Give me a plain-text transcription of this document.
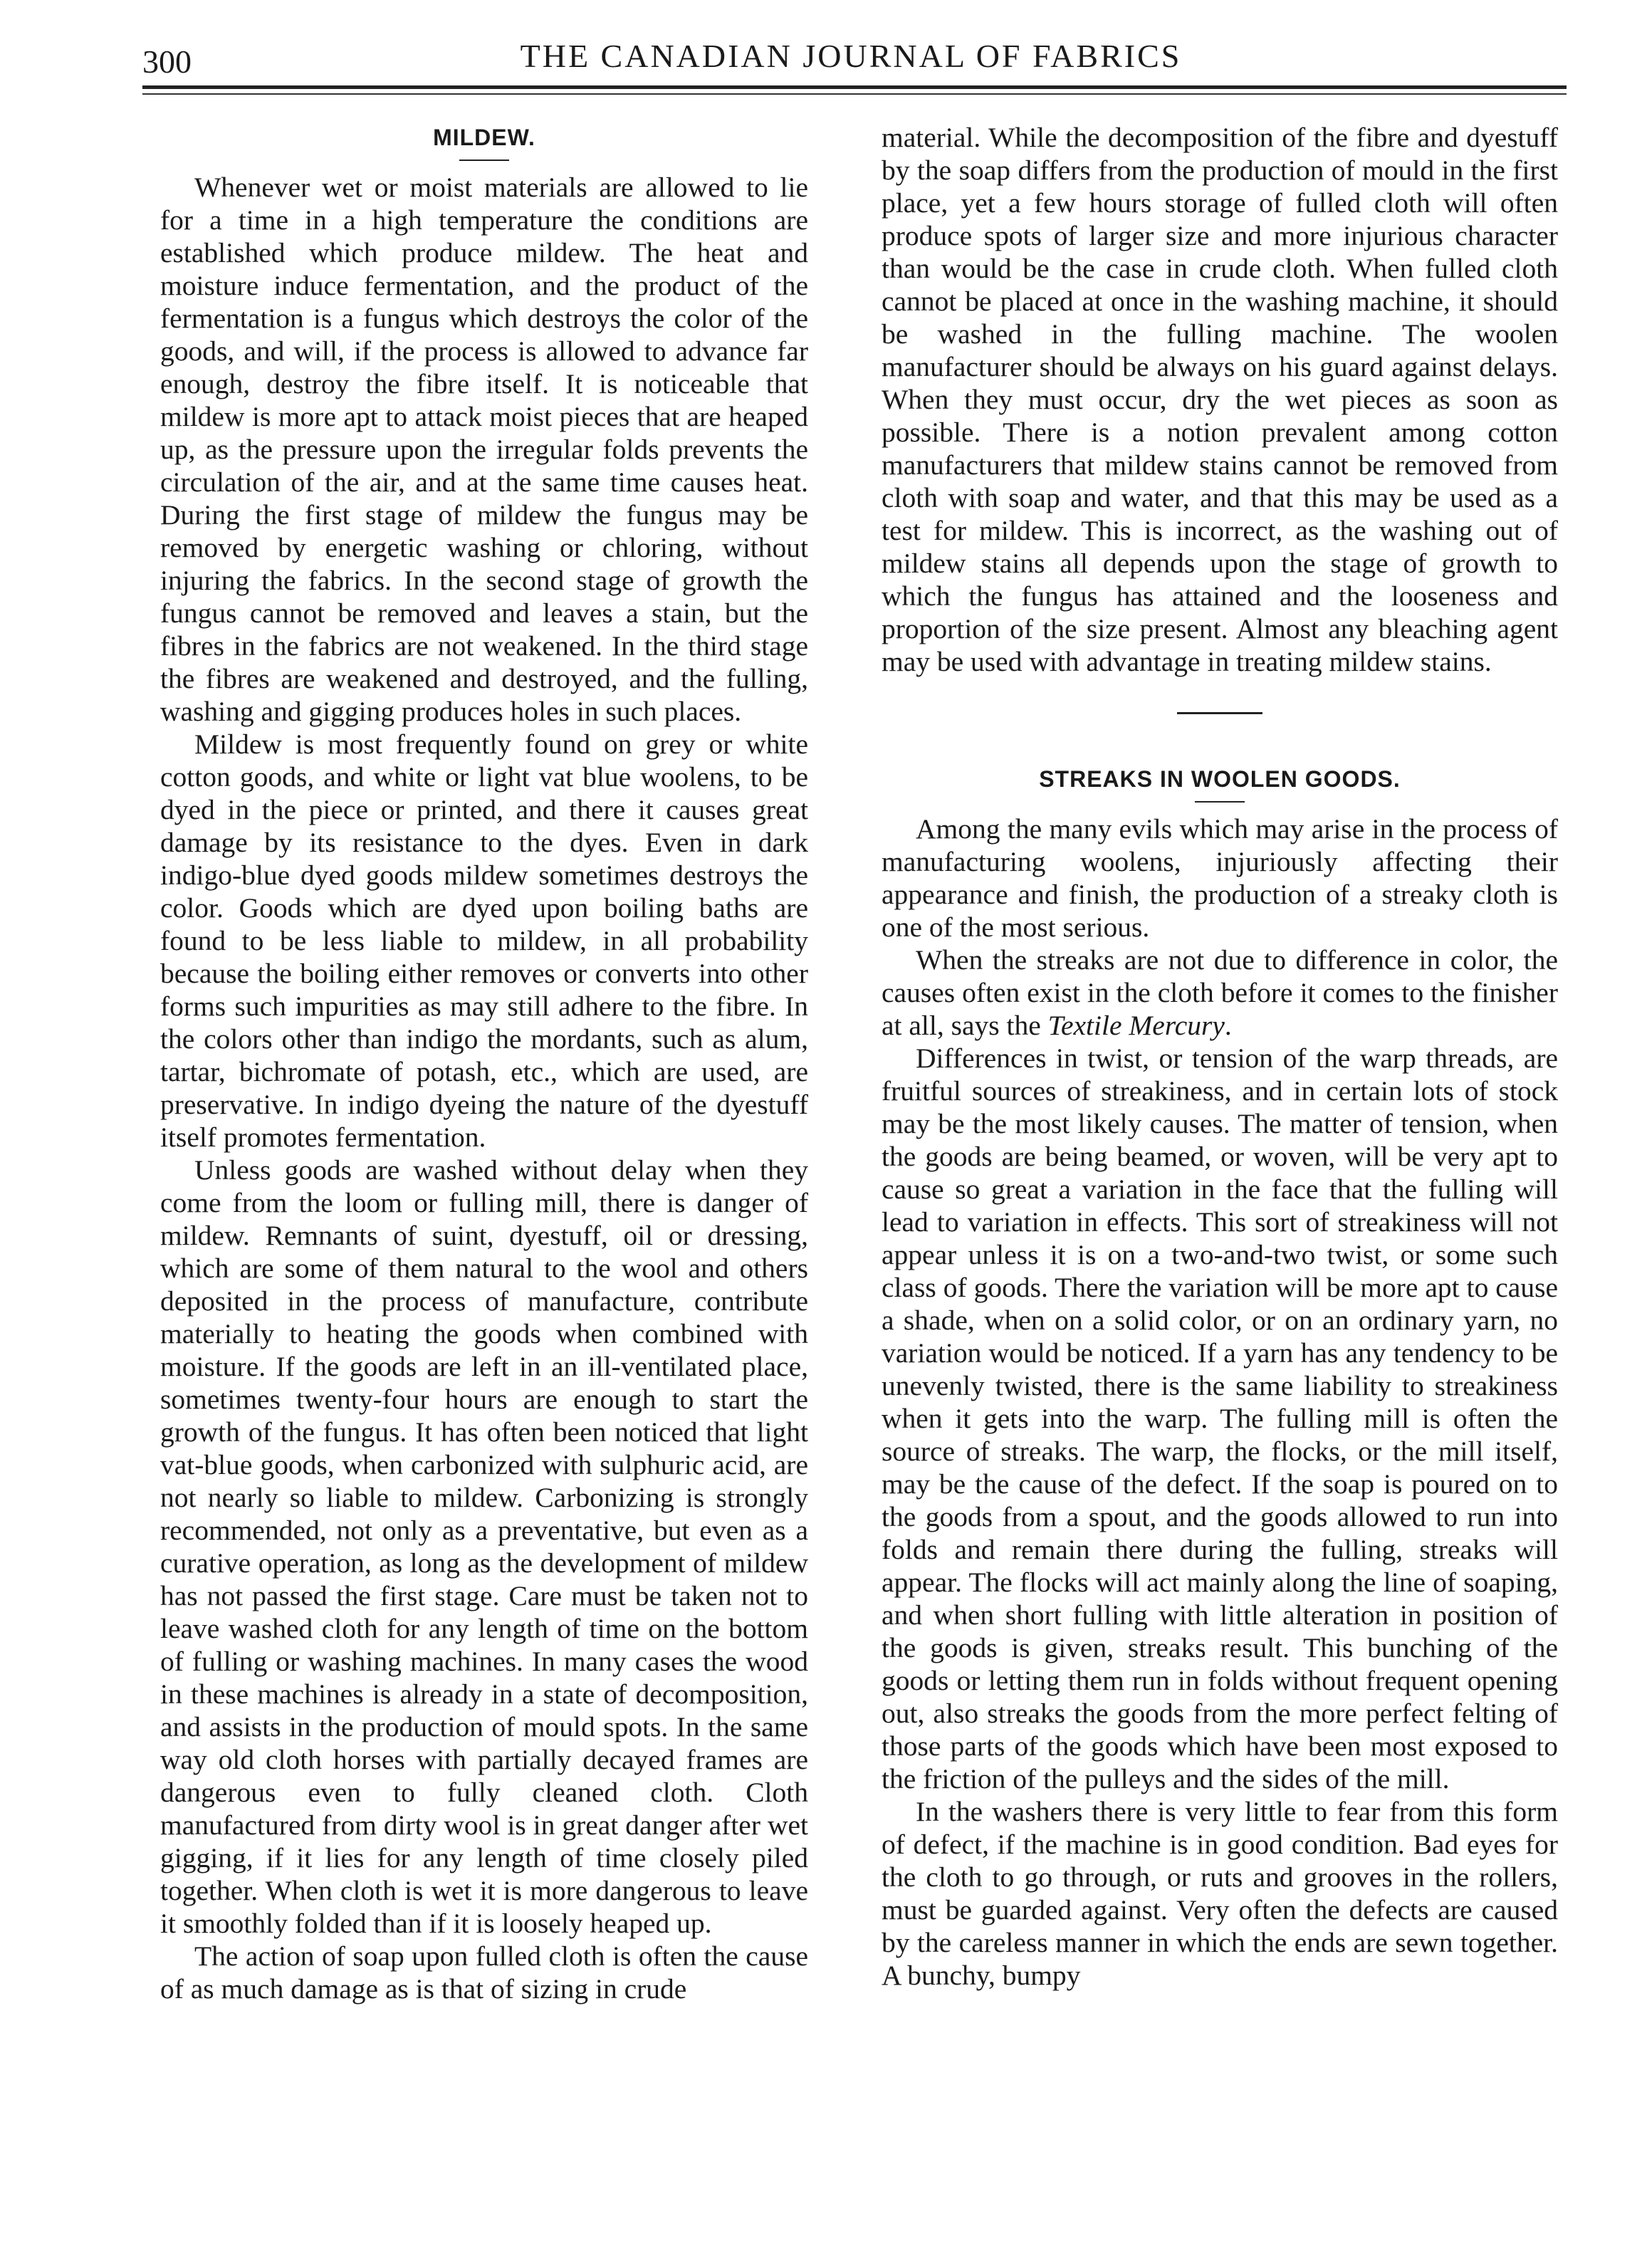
300	THE CANADIAN JOURNAL OF FABRICS
MILDEW.

Whenever wet or moist materials are allowed to lie for a time in a high temperature the conditions are established which produce mildew. The heat and moisture induce fermentation, and the product of the fermentation is a fungus which destroys the color of the goods, and will, if the process is allowed to advance far enough, destroy the fibre itself. It is noticeable that mildew is more apt to attack moist pieces that are heaped up, as the pressure upon the irregular folds prevents the circulation of the air, and at the same time causes heat. During the first stage of mildew the fungus may be removed by energetic washing or chloring, without injuring the fabrics. In the second stage of growth the fungus cannot be removed and leaves a stain, but the fibres in the fabrics are not weakened. In the third stage the fibres are weakened and destroyed, and the fulling, washing and gigging produces holes in such places.

Mildew is most frequently found on grey or white cotton goods, and white or light vat blue woolens, to be dyed in the piece or printed, and there it causes great damage by its resistance to the dyes. Even in dark indigo-blue dyed goods mildew sometimes destroys the color. Goods which are dyed upon boiling baths are found to be less liable to mildew, in all probability because the boiling either removes or converts into other forms such impurities as may still adhere to the fibre. In the colors other than indigo the mordants, such as alum, tartar, bichromate of potash, etc., which are used, are preservative. In indigo dyeing the nature of the dyestuff itself promotes fermentation.

Unless goods are washed without delay when they come from the loom or fulling mill, there is danger of mildew. Remnants of suint, dyestuff, oil or dressing, which are some of them natural to the wool and others deposited in the process of manufacture, contribute materially to heating the goods when combined with moisture. If the goods are left in an ill-ventilated place, sometimes twenty-four hours are enough to start the growth of the fungus. It has often been noticed that light vat-blue goods, when carbonized with sulphuric acid, are not nearly so liable to mildew. Carbonizing is strongly recommended, not only as a preventative, but even as a curative operation, as long as the development of mildew has not passed the first stage. Care must be taken not to leave washed cloth for any length of time on the bottom of fulling or washing machines. In many cases the wood in these machines is already in a state of decomposition, and assists in the production of mould spots. In the same way old cloth horses with partially decayed frames are dangerous even to fully cleaned cloth. Cloth manufactured from dirty wool is in great danger after wet gigging, if it lies for any length of time closely piled together. When cloth is wet it is more dangerous to leave it smoothly folded than if it is loosely heaped up.

The action of soap upon fulled cloth is often the cause of as much damage as is that of sizing in crude

material. While the decomposition of the fibre and dyestuff by the soap differs from the production of mould in the first place, yet a few hours storage of fulled cloth will often produce spots of larger size and more injurious character than would be the case in crude cloth. When fulled cloth cannot be placed at once in the washing machine, it should be washed in the fulling machine. The woolen manufacturer should be always on his guard against delays. When they must occur, dry the wet pieces as soon as possible. There is a notion prevalent among cotton manufacturers that mildew stains cannot be removed from cloth with soap and water, and that this may be used as a test for mildew. This is incorrect, as the washing out of mildew stains all depends upon the stage of growth to which the fungus has attained and the looseness and proportion of the size present. Almost any bleaching agent may be used with advantage in treating mildew stains.

STREAKS IN WOOLEN GOODS.

Among the many evils which may arise in the process of manufacturing woolens, injuriously affecting their appearance and finish, the production of a streaky cloth is one of the most serious.

When the streaks are not due to difference in color, the causes often exist in the cloth before it comes to the finisher at all, says the Textile Mercury.

Differences in twist, or tension of the warp threads, are fruitful sources of streakiness, and in certain lots of stock may be the most likely causes. The matter of tension, when the goods are being beamed, or woven, will be very apt to cause so great a variation in the face that the fulling will lead to variation in effects. This sort of streakiness will not appear unless it is on a two-and-two twist, or some such class of goods. There the variation will be more apt to cause a shade, when on a solid color, or on an ordinary yarn, no variation would be noticed. If a yarn has any tendency to be unevenly twisted, there is the same liability to streakiness when it gets into the warp. The fulling mill is often the source of streaks. The warp, the flocks, or the mill itself, may be the cause of the defect. If the soap is poured on to the goods from a spout, and the goods allowed to run into folds and remain there during the fulling, streaks will appear. The flocks will act mainly along the line of soaping, and when short fulling with little alteration in position of the goods is given, streaks result. This bunching of the goods or letting them run in folds without frequent opening out, also streaks the goods from the more perfect felting of those parts of the goods which have been most exposed to the friction of the pulleys and the sides of the mill.

In the washers there is very little to fear from this form of defect, if the machine is in good condition. Bad eyes for the cloth to go through, or ruts and grooves in the rollers, must be guarded against. Very often the defects are caused by the careless manner in which the ends are sewn together. A bunchy, bumpy
